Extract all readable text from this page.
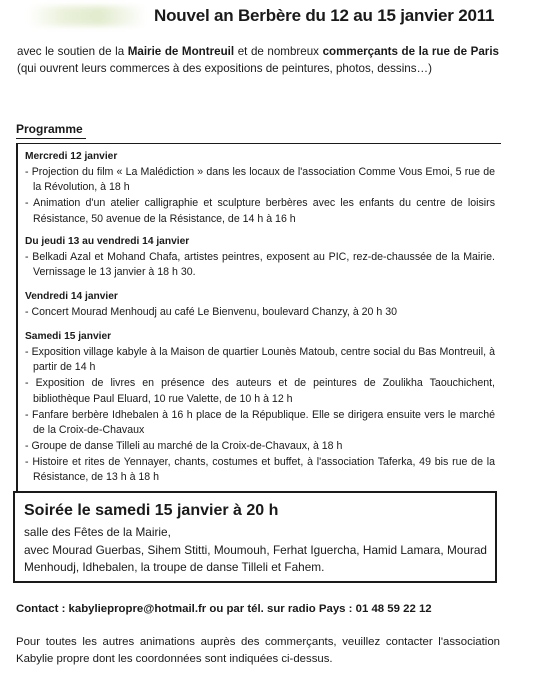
Nouvel an Berbère du 12 au 15 janvier 2011
avec le soutien de la Mairie de Montreuil et de nombreux commerçants de la rue de Paris (qui ouvrent leurs commerces à des expositions de peintures, photos, dessins…)
Programme
Mercredi 12 janvier
- Projection du film « La Malédiction » dans les locaux de l'association Comme Vous Emoi, 5 rue de la Révolution, à 18 h
- Animation d'un atelier calligraphie et sculpture berbères avec les enfants du centre de loisirs Résistance, 50 avenue de la Résistance, de 14 h à 16 h
Du jeudi 13 au vendredi 14 janvier
- Belkadi Azal et Mohand Chafa, artistes peintres, exposent au PIC, rez-de-chaussée de la Mairie. Vernissage le 13 janvier à 18 h 30.
Vendredi 14 janvier
- Concert Mourad Menhoudj au café Le Bienvenu, boulevard Chanzy, à 20 h 30
Samedi 15 janvier
- Exposition village kabyle à la Maison de quartier Lounès Matoub, centre social du Bas Montreuil, à partir de 14 h
- Exposition de livres en présence des auteurs et de peintures de Zoulikha Taouchichent, bibliothèque Paul Eluard, 10 rue Valette, de 10 h à 12 h
- Fanfare berbère Idhebalen à 16 h place de la République. Elle se dirigera ensuite vers le marché de la Croix-de-Chavaux
- Groupe de danse Tilleli au marché de la Croix-de-Chavaux, à 18 h
- Histoire et rites de Yennayer, chants, costumes et buffet, à l'association Taferka, 49 bis rue de la Résistance, de 13 h à 18 h
Soirée le samedi 15 janvier à 20 h
salle des Fêtes de la Mairie,
avec Mourad Guerbas, Sihem Stitti, Moumouh, Ferhat Iguercha, Hamid Lamara, Mourad Menhoudj, Idhebalen, la troupe de danse Tilleli et Fahem.
Contact : kabyliepropre@hotmail.fr ou par tél. sur radio Pays : 01 48 59 22 12
Pour toutes les autres animations auprès des commerçants, veuillez contacter l'association Kabylie propre dont les coordonnées sont indiquées ci-dessus.
